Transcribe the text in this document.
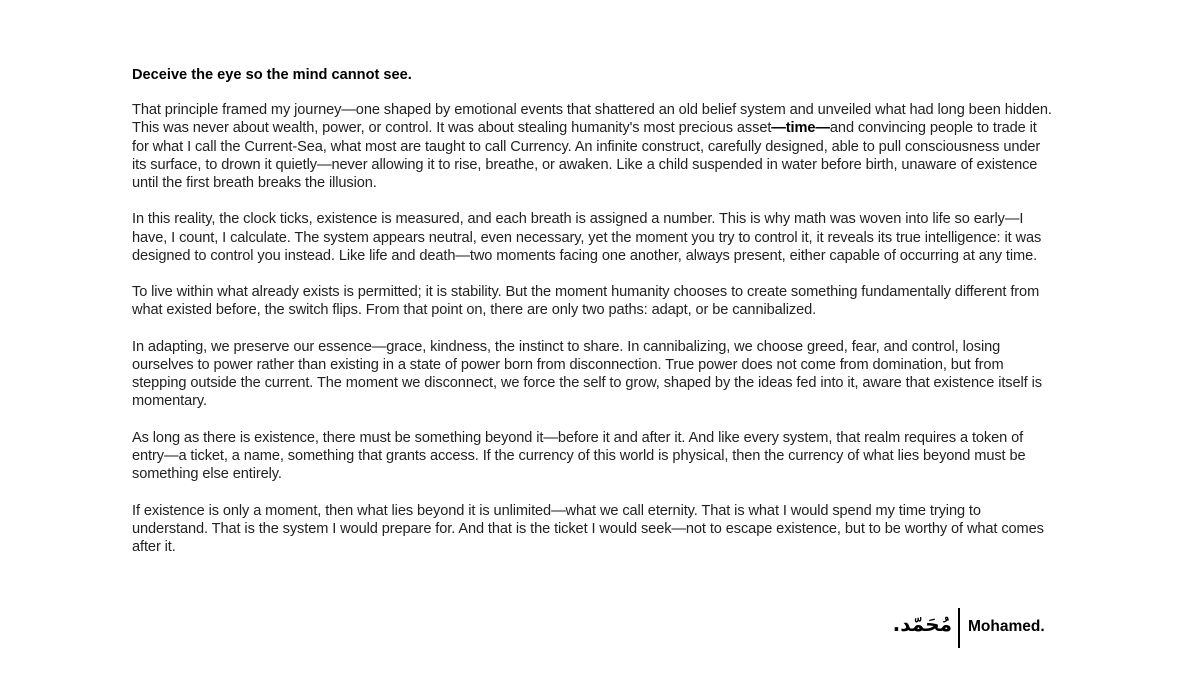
Deceive the eye so the mind cannot see.

That principle framed my journey—one shaped by emotional events that shattered an old belief system and unveiled what had long been hidden. This was never about wealth, power, or control. It was about stealing humanity's most precious asset—time—and convincing people to trade it for what I call the Current-Sea, what most are taught to call Currency. An infinite construct, carefully designed, able to pull consciousness under its surface, to drown it quietly—never allowing it to rise, breathe, or awaken. Like a child suspended in water before birth, unaware of existence until the first breath breaks the illusion.

In this reality, the clock ticks, existence is measured, and each breath is assigned a number. This is why math was woven into life so early—I have, I count, I calculate. The system appears neutral, even necessary, yet the moment you try to control it, it reveals its true intelligence: it was designed to control you instead. Like life and death—two moments facing one another, always present, either capable of occurring at any time.

To live within what already exists is permitted; it is stability. But the moment humanity chooses to create something fundamentally different from what existed before, the switch flips. From that point on, there are only two paths: adapt, or be cannibalized.

In adapting, we preserve our essence—grace, kindness, the instinct to share. In cannibalizing, we choose greed, fear, and control, losing ourselves to power rather than existing in a state of power born from disconnection. True power does not come from domination, but from stepping outside the current. The moment we disconnect, we force the self to grow, shaped by the ideas fed into it, aware that existence itself is momentary.

As long as there is existence, there must be something beyond it—before it and after it. And like every system, that realm requires a token of entry—a ticket, a name, something that grants access. If the currency of this world is physical, then the currency of what lies beyond must be something else entirely.

If existence is only a moment, then what lies beyond it is unlimited—what we call eternity. That is what I would spend my time trying to understand. That is the system I would prepare for. And that is the ticket I would seek—not to escape existence, but to be worthy of what comes after it.

مُحَمّد. Mohamed.
